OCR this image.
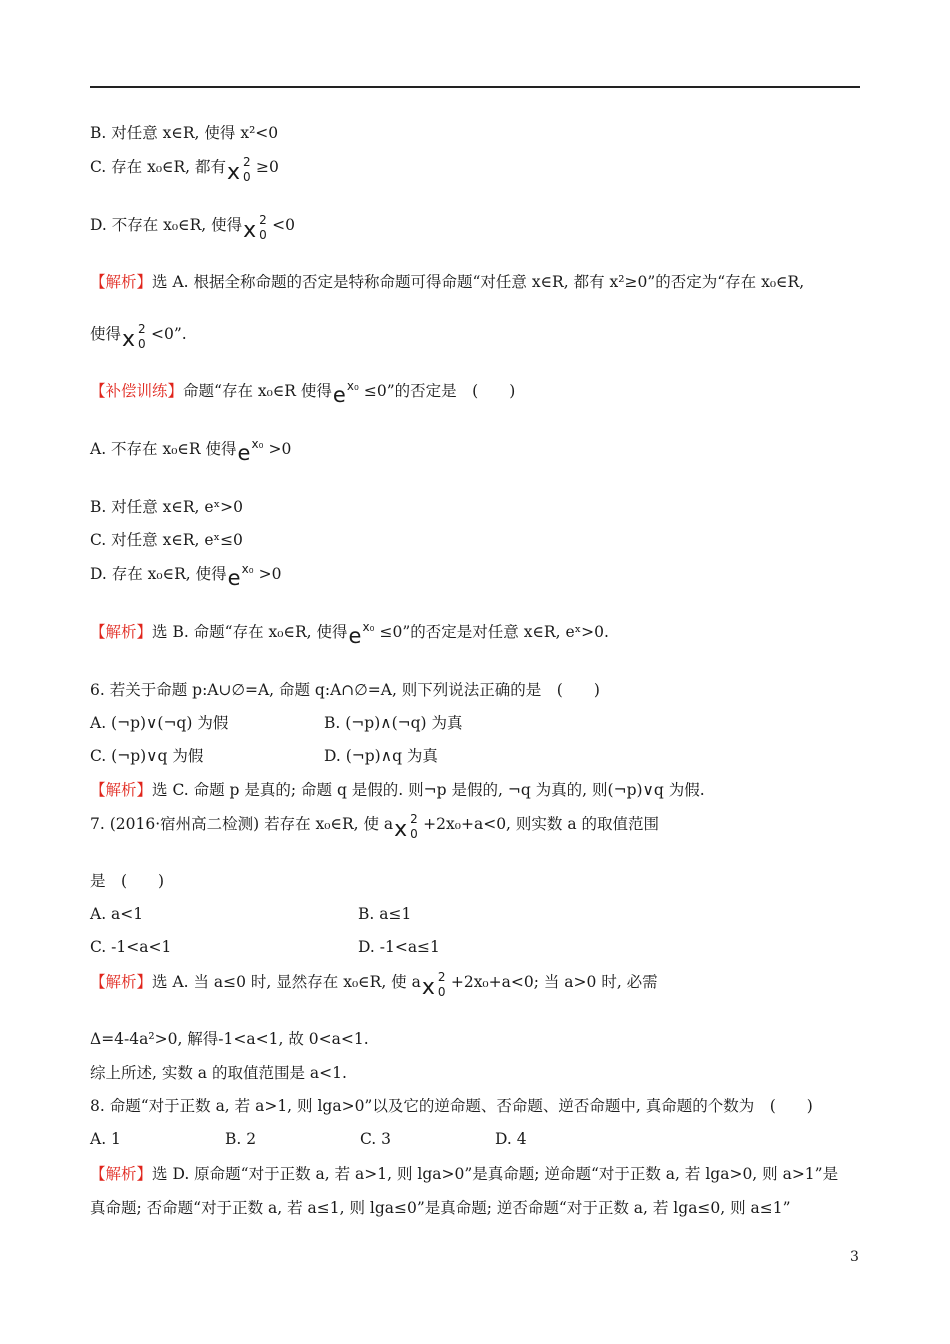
B. 对任意 x∈R, 使得 x²<0
C. 存在 x₀∈R, 都有 x 2
0
≥0
D. 不存在 x₀∈R, 使得 x 2
0
<0
【解析】选 A. 根据全称命题的否定是特称命题可得命题“对任意 x∈R, 都有 x²≥0”的否定为“存在 x₀∈R,
使得 x 2
0
<0”.
【补偿训练】命题“存在 x₀∈R 使得 e x₀ ≤0”的否定是　(　　)
A. 不存在 x₀∈R 使得 e x₀ >0
B. 对任意 x∈R, eˣ>0
C. 对任意 x∈R, eˣ≤0
D. 存在 x₀∈R, 使得 e x₀ >0
【解析】选 B. 命题“存在 x₀∈R, 使得 e x₀ ≤0”的否定是对任意 x∈R, eˣ>0.
6. 若关于命题 p:A∪∅=A, 命题 q:A∩∅=A, 则下列说法正确的是　(　　)
A. (¬p)∨(¬q) 为假	B. (¬p)∧(¬q) 为真
C. (¬p)∨q 为假	D. (¬p)∧q 为真
【解析】选 C. 命题 p 是真的; 命题 q 是假的. 则¬p 是假的, ¬q 为真的, 则(¬p)∨q 为假.
7. (2016·宿州高二检测) 若存在 x₀∈R, 使 a x 2
0
+2x₀+a<0, 则实数 a 的取值范围
是　(　　)
A. a<1	B. a≤1
C. -1<a<1	D. -1<a≤1
【解析】选 A. 当 a≤0 时, 显然存在 x₀∈R, 使 a x 2
0
+2x₀+a<0; 当 a>0 时, 必需
Δ=4-4a²>0, 解得-1<a<1, 故 0<a<1.
综上所述, 实数 a 的取值范围是 a<1.
8. 命题“对于正数 a, 若 a>1, 则 lga>0”以及它的逆命题、否命题、逆否命题中, 真命题的个数为　(　　)
A. 1	B. 2	C. 3	D. 4
【解析】选 D. 原命题“对于正数 a, 若 a>1, 则 lga>0”是真命题; 逆命题“对于正数 a, 若 lga>0, 则 a>1”是
真命题; 否命题“对于正数 a, 若 a≤1, 则 lga≤0”是真命题; 逆否命题“对于正数 a, 若 lga≤0, 则 a≤1”
3
